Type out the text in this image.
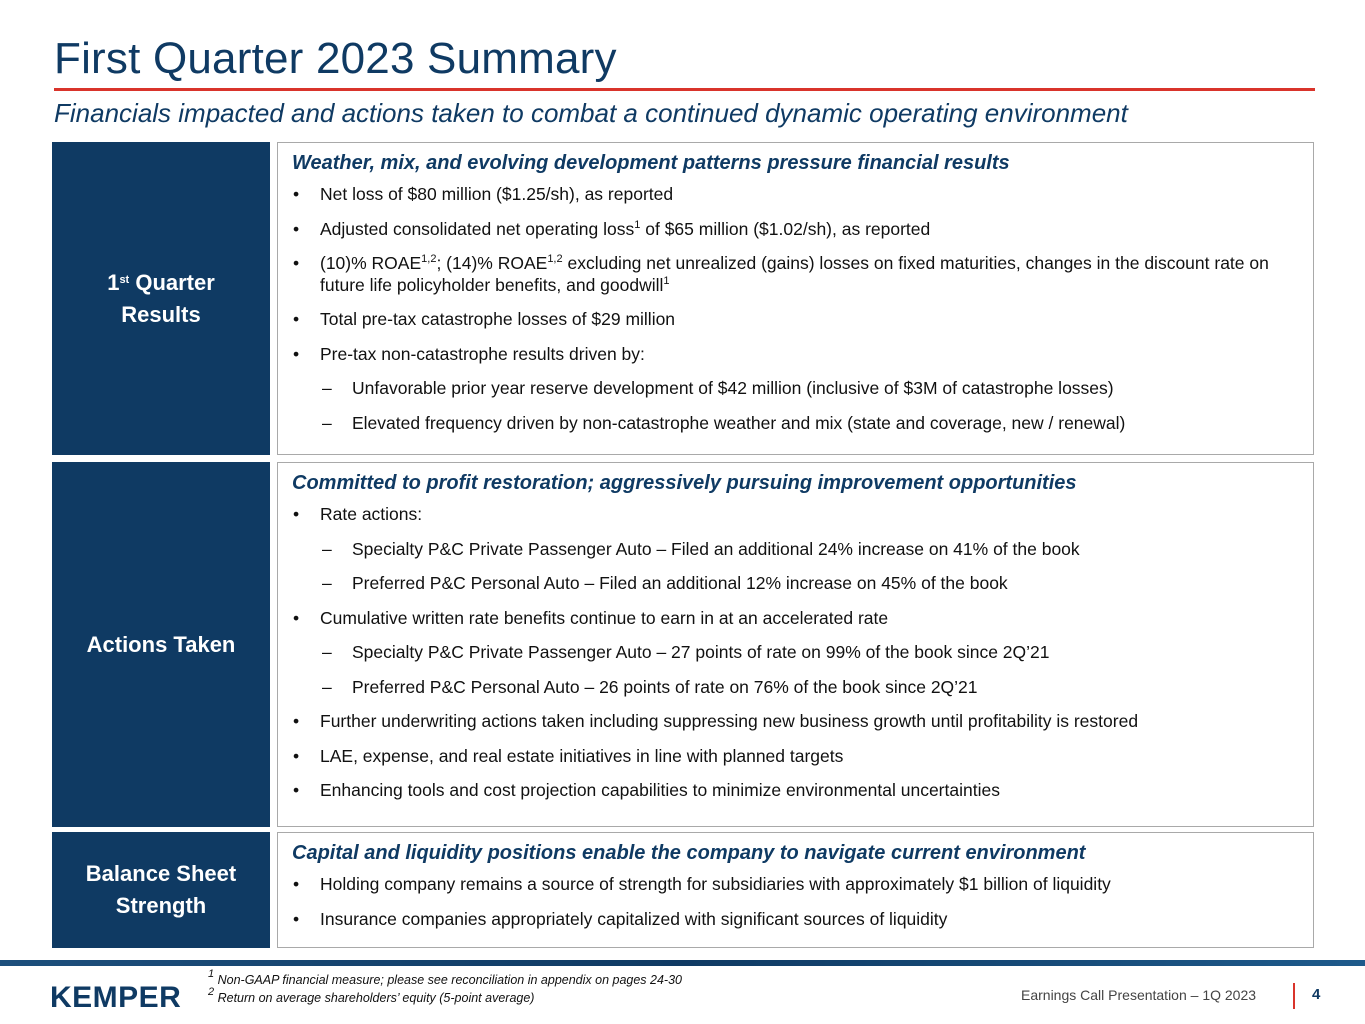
First Quarter 2023 Summary
Financials impacted and actions taken to combat a continued dynamic operating environment
1st Quarter
Results
Weather, mix, and evolving development patterns pressure financial results
• Net loss of $80 million ($1.25/sh), as reported
• Adjusted consolidated net operating loss$^1$ of $65 million ($1.02/sh), as reported
• (10)% ROAE$^{1,2}$; (14)% ROAE$^{1,2}$ excluding net unrealized (gains) losses on fixed maturities, changes in the discount rate on future life policyholder benefits, and goodwill$^1$
• Total pre-tax catastrophe losses of $29 million
• Pre-tax non-catastrophe results driven by:
– Unfavorable prior year reserve development of $42 million (inclusive of $3M of catastrophe losses)
– Elevated frequency driven by non-catastrophe weather and mix (state and coverage, new / renewal)
Actions Taken
Committed to profit restoration; aggressively pursuing improvement opportunities
• Rate actions:
– Specialty P&C Private Passenger Auto – Filed an additional 24% increase on 41% of the book
– Preferred P&C Personal Auto – Filed an additional 12% increase on 45% of the book
• Cumulative written rate benefits continue to earn in at an accelerated rate
– Specialty P&C Private Passenger Auto – 27 points of rate on 99% of the book since 2Q’21
– Preferred P&C Personal Auto – 26 points of rate on 76% of the book since 2Q’21
• Further underwriting actions taken including suppressing new business growth until profitability is restored
• LAE, expense, and real estate initiatives in line with planned targets
• Enhancing tools and cost projection capabilities to minimize environmental uncertainties
Balance Sheet
Strength
Capital and liquidity positions enable the company to navigate current environment
• Holding company remains a source of strength for subsidiaries with approximately $1 billion of liquidity
• Insurance companies appropriately capitalized with significant sources of liquidity
KEMPER
$^1$ Non-GAAP financial measure; please see reconciliation in appendix on pages 24-30
$^2$ Return on average shareholders’ equity (5-point average)	Earnings Call Presentation – 1Q 2023	4
